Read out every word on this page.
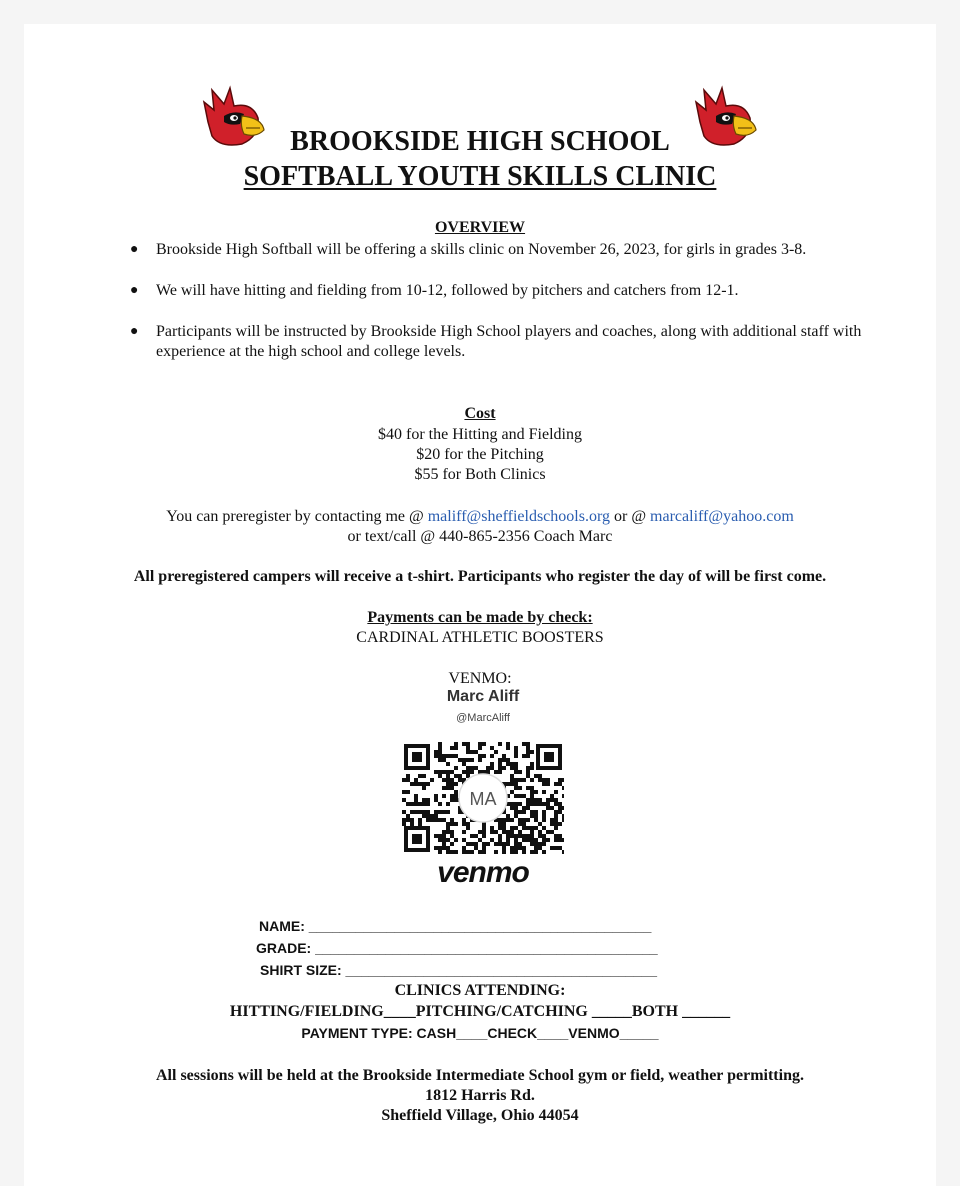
BROOKSIDE HIGH SCHOOL
SOFTBALL YOUTH SKILLS CLINIC
OVERVIEW
● Brookside High Softball will be offering a skills clinic on November 26, 2023, for girls in grades 3-8.
● We will have hitting and fielding from 10-12, followed by pitchers and catchers from 12-1.
● Participants will be instructed by Brookside High School players and coaches, along with additional staff with experience at the high school and college levels.
Cost
$40 for the Hitting and Fielding
$20 for the Pitching
$55 for Both Clinics
You can preregister by contacting me @ maliff@sheffieldschools.org or @ marcaliff@yahoo.com
or text/call @ 440-865-2356 Coach Marc
All preregistered campers will receive a t-shirt. Participants who register the day of will be first come.
Payments can be made by check:
CARDINAL ATHLETIC BOOSTERS
VENMO:
Marc Aliff
@MarcAliff
MA
venmo
NAME: ____________________________________________
GRADE: ____________________________________________
SHIRT SIZE: ________________________________________
CLINICS ATTENDING:
HITTING/FIELDING____PITCHING/CATCHING _____BOTH ______
PAYMENT TYPE: CASH____CHECK____VENMO_____
All sessions will be held at the Brookside Intermediate School gym or field, weather permitting.
1812 Harris Rd.
Sheffield Village, Ohio 44054
